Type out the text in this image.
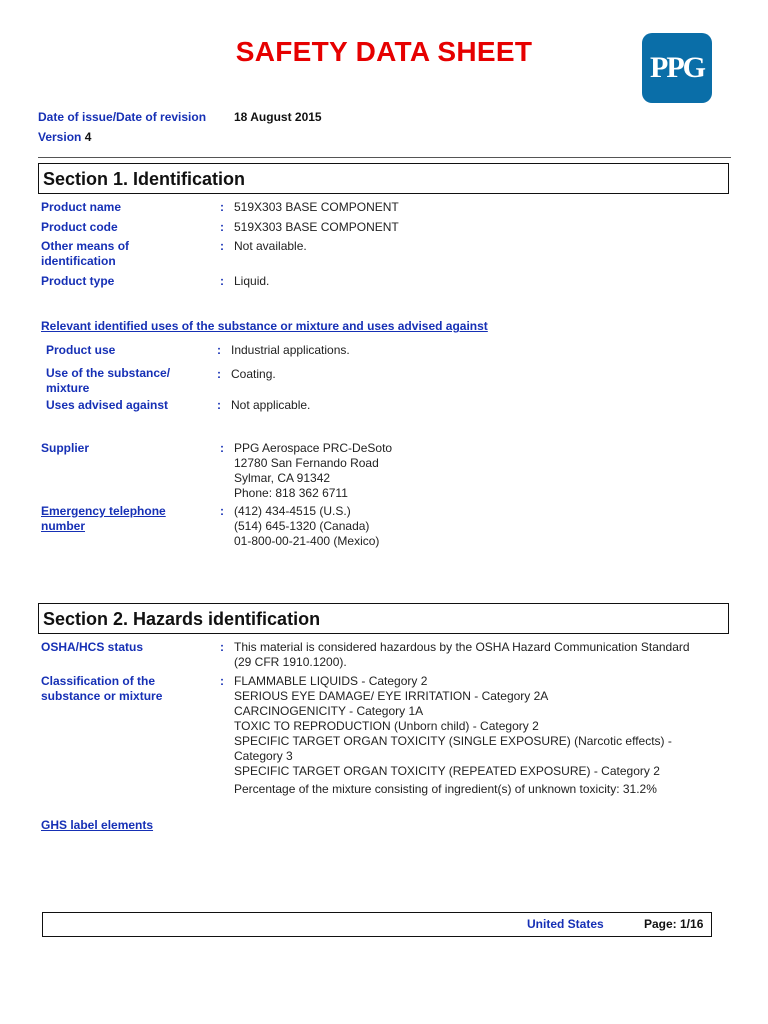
SAFETY DATA SHEET	PPG
Date of issue/Date of revision 18 August 2015
Version 4
Section 1. Identification
Product name	: 519X303 BASE COMPONENT
Product code	: 519X303 BASE COMPONENT
Other means of
identification
: Not available.
Product type	: Liquid.
Relevant identified uses of the substance or mixture and uses advised against
Product use	: Industrial applications.
Use of the substance/
mixture
: Coating.
Uses advised against	: Not applicable.
Supplier	: PPG Aerospace PRC-DeSoto
12780 San Fernando Road
Sylmar, CA 91342
Phone: 818 362 6711
Emergency telephone
number
: (412) 434-4515 (U.S.)
(514) 645-1320 (Canada)
01-800-00-21-400 (Mexico)
Section 2. Hazards identification
OSHA/HCS status	: This material is considered hazardous by the OSHA Hazard Communication Standard
(29 CFR 1910.1200).
Classification of the
substance or mixture
: FLAMMABLE LIQUIDS - Category 2
SERIOUS EYE DAMAGE/ EYE IRRITATION - Category 2A
CARCINOGENICITY - Category 1A
TOXIC TO REPRODUCTION (Unborn child) - Category 2
SPECIFIC TARGET ORGAN TOXICITY (SINGLE EXPOSURE) (Narcotic effects) -
Category 3
SPECIFIC TARGET ORGAN TOXICITY (REPEATED EXPOSURE) - Category 2
Percentage of the mixture consisting of ingredient(s) of unknown toxicity: 31.2%
GHS label elements
United States	Page: 1/16
